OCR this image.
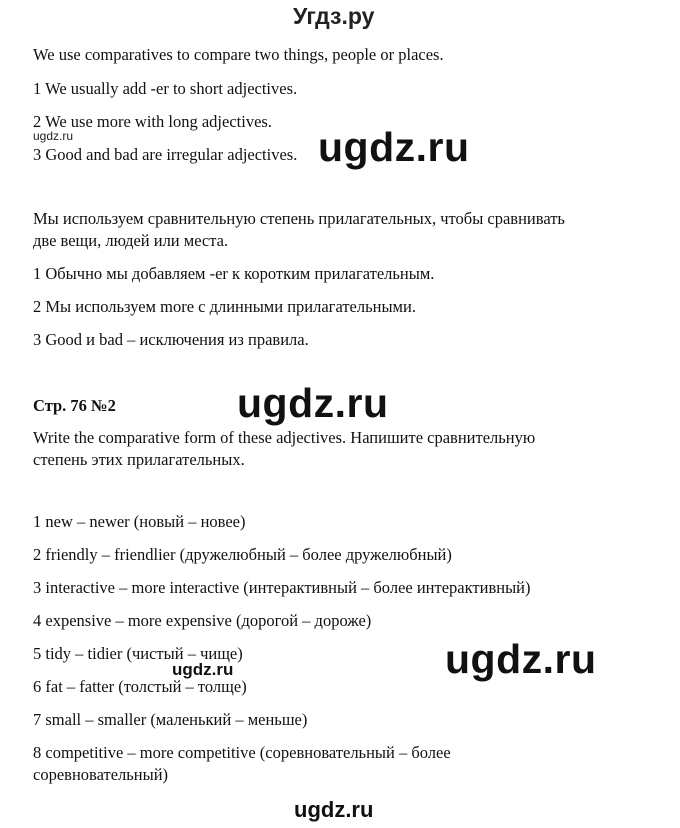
Угдз.ру
We use comparatives to compare two things, people or places.
1 We usually add -er to short adjectives.
2 We use more with long adjectives.
ugdz.ru
3 Good and bad are irregular adjectives. ugdz.ru
Мы используем сравнительную степень прилагательных, чтобы сравнивать
две вещи, людей или места.
1 Обычно мы добавляем -er к коротким прилагательным.
2 Мы используем more с длинными прилагательными.
3 Good и bad – исключения из правила.
Стр. 76 №2	ugdz.ru
Write the comparative form of these adjectives. Напишите сравнительную
степень этих прилагательных.
1 new – newer (новый – новее)
2 friendly – friendlier (дружелюбный – более дружелюбный)
3 interactive – more interactive (интерактивный – более интерактивный)
4 expensive – more expensive (дорогой – дороже)
5 tidy – tidier (чистый – чище)
ugdz.ru
6 fat – fatter (толстый – толще)
ugdz.ru
7 small – smaller (маленький – меньше)
8 competitive – more competitive (соревновательный – более
соревновательный)
ugdz.ru
